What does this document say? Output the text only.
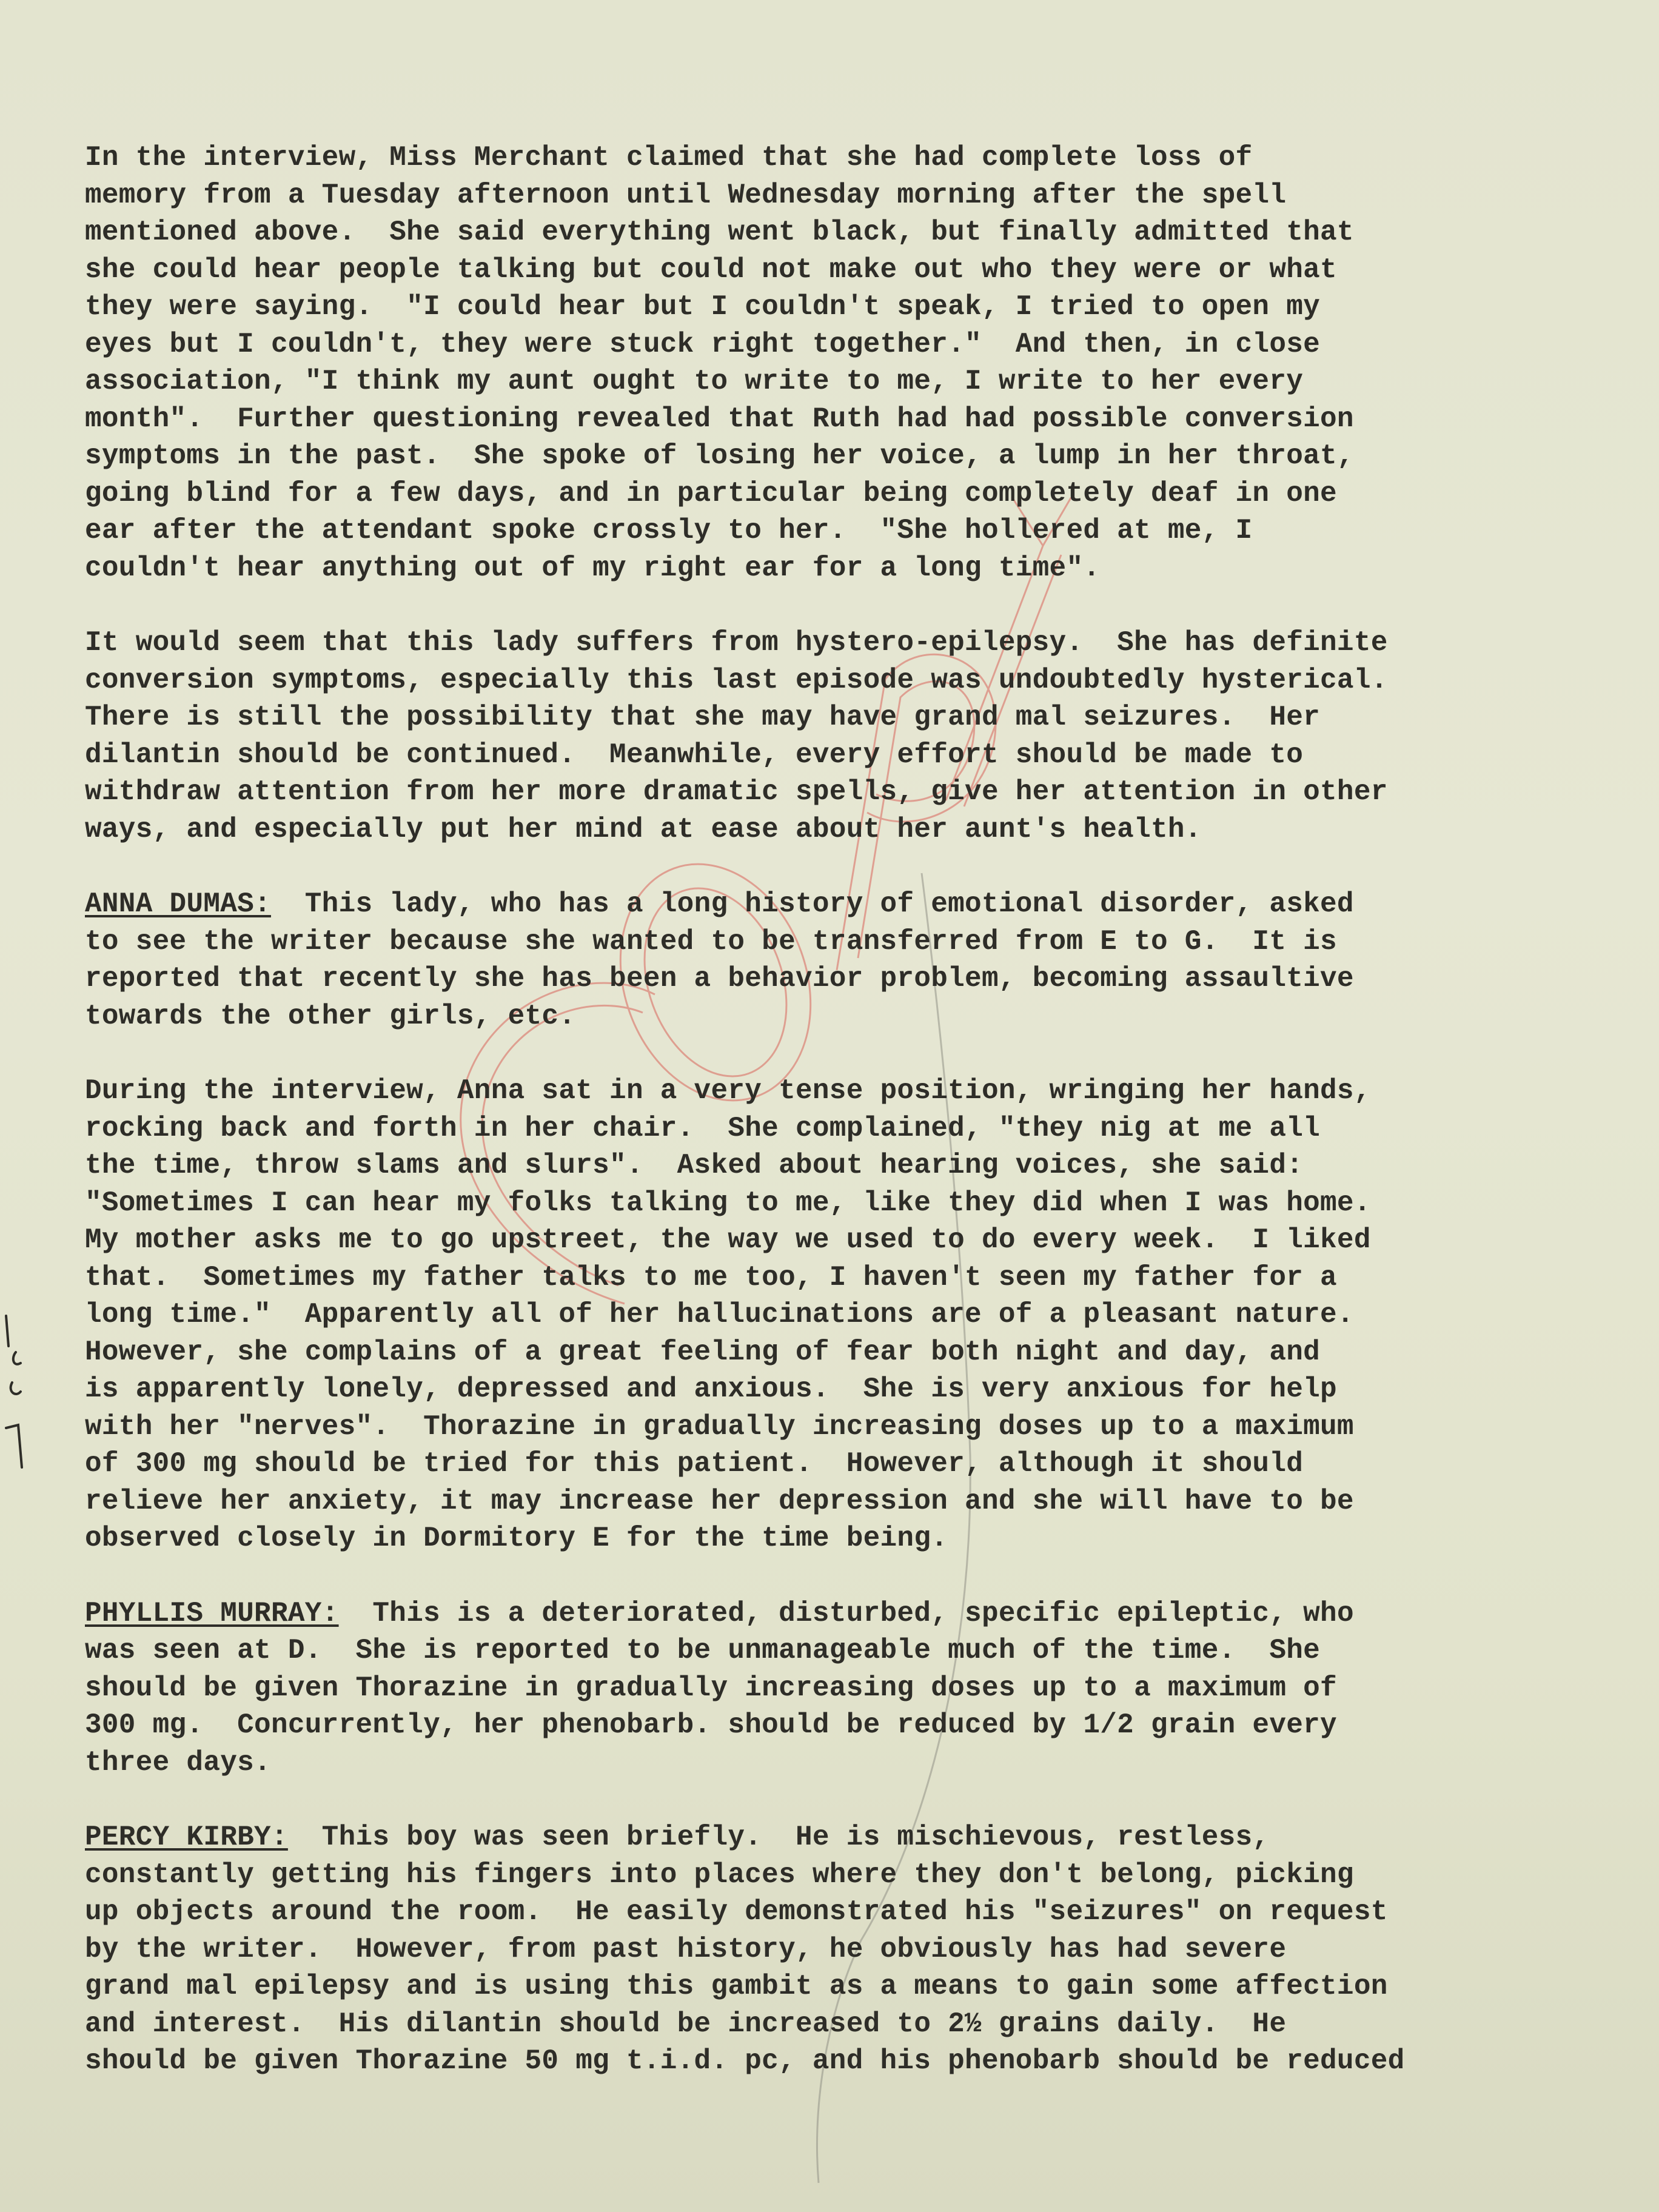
In the interview, Miss Merchant claimed that she had complete loss of
memory from a Tuesday afternoon until Wednesday morning after the spell
mentioned above.  She said everything went black, but finally admitted that
she could hear people talking but could not make out who they were or what
they were saying.  "I could hear but I couldn't speak, I tried to open my
eyes but I couldn't, they were stuck right together."  And then, in close
association, "I think my aunt ought to write to me, I write to her every
month".  Further questioning revealed that Ruth had had possible conversion
symptoms in the past.  She spoke of losing her voice, a lump in her throat,
going blind for a few days, and in particular being completely deaf in one
ear after the attendant spoke crossly to her.  "She hollered at me, I
couldn't hear anything out of my right ear for a long time".
It would seem that this lady suffers from hystero-epilepsy.  She has definite
conversion symptoms, especially this last episode was undoubtedly hysterical.
There is still the possibility that she may have grand mal seizures.  Her
dilantin should be continued.  Meanwhile, every effort should be made to
withdraw attention from her more dramatic spells, give her attention in other
ways, and especially put her mind at ease about her aunt's health.
ANNA DUMAS:  This lady, who has a long history of emotional disorder, asked
to see the writer because she wanted to be transferred from E to G.  It is
reported that recently she has been a behavior problem, becoming assaultive
towards the other girls, etc.
During the interview, Anna sat in a very tense position, wringing her hands,
rocking back and forth in her chair.  She complained, "they nig at me all
the time, throw slams and slurs".  Asked about hearing voices, she said:
"Sometimes I can hear my folks talking to me, like they did when I was home.
My mother asks me to go upstreet, the way we used to do every week.  I liked
that.  Sometimes my father talks to me too, I haven't seen my father for a
long time."  Apparently all of her hallucinations are of a pleasant nature.
However, she complains of a great feeling of fear both night and day, and
is apparently lonely, depressed and anxious.  She is very anxious for help
with her "nerves".  Thorazine in gradually increasing doses up to a maximum
of 300 mg should be tried for this patient.  However, although it should
relieve her anxiety, it may increase her depression and she will have to be
observed closely in Dormitory E for the time being.
PHYLLIS MURRAY:  This is a deteriorated, disturbed, specific epileptic, who
was seen at D.  She is reported to be unmanageable much of the time.  She
should be given Thorazine in gradually increasing doses up to a maximum of
300 mg.  Concurrently, her phenobarb. should be reduced by 1/2 grain every
three days.
PERCY KIRBY:  This boy was seen briefly.  He is mischievous, restless,
constantly getting his fingers into places where they don't belong, picking
up objects around the room.  He easily demonstrated his "seizures" on request
by the writer.  However, from past history, he obviously has had severe
grand mal epilepsy and is using this gambit as a means to gain some affection
and interest.  His dilantin should be increased to 2½ grains daily.  He
should be given Thorazine 50 mg t.i.d. pc, and his phenobarb should be reduced
